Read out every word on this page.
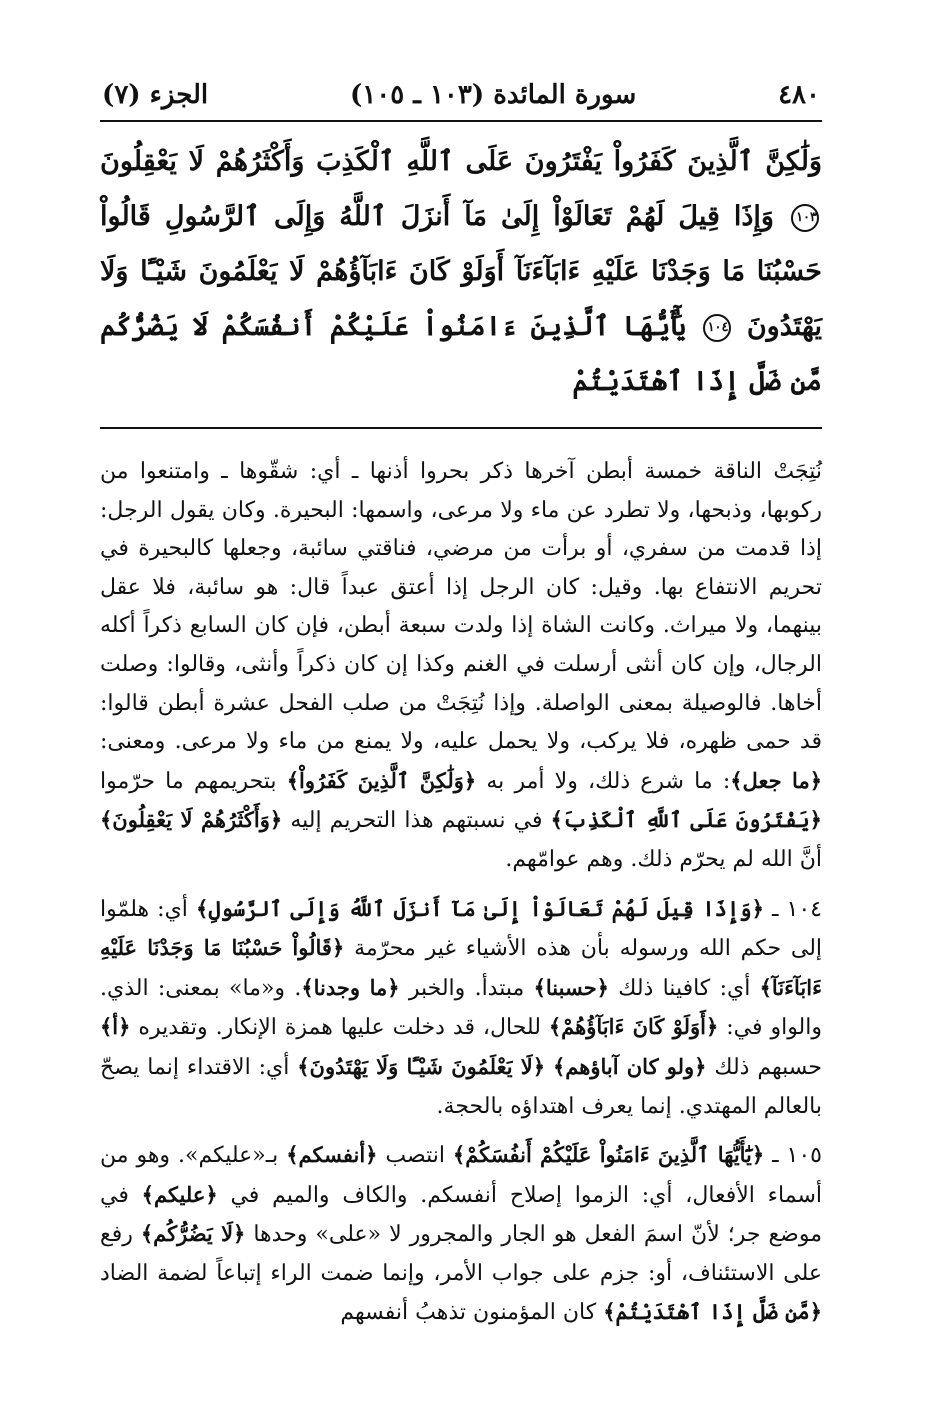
٤٨٠
سورة المائدة (١٠٣ ـ ١٠٥)
الجزء (٧)
وَلَٰكِنَّ ٱلَّذِينَ كَفَرُواْ يَفْتَرُونَ عَلَى ٱللَّهِ ٱلْكَذِبَ وَأَكْثَرُهُمْ لَا يَعْقِلُونَ ١٠٣ وَإِذَا قِيلَ لَهُمْ تَعَالَوْاْ إِلَىٰ مَآ أَنزَلَ ٱللَّهُ وَإِلَى ٱلرَّسُولِ قَالُواْ حَسْبُنَا مَا وَجَدْنَا عَلَيْهِ ءَابَآءَنَآ أَوَلَوْ كَانَ ءَابَآؤُهُمْ لَا يَعْلَمُونَ شَيْـًٔا وَلَا يَهْتَدُونَ ١٠٤ يَٰٓأَيُّهَا ٱلَّذِينَ ءَامَنُواْ عَلَيْكُمْ أَنفُسَكُمْ لَا يَضُرُّكُم مَّن ضَلَّ إِذَا ٱهْتَدَيْتُمْ

نُتِجَتْ الناقة خمسة أبطن آخرها ذكر بحروا أذنها ـ أي: شقّوها ـ وامتنعوا من ركوبها، وذبحها، ولا تطرد عن ماء ولا مرعى، واسمها: البحيرة. وكان يقول الرجل: إذا قدمت من سفري، أو برأت من مرضي، فناقتي سائبة، وجعلها كالبحيرة في تحريم الانتفاع بها. وقيل: كان الرجل إذا أعتق عبداً قال: هو سائبة، فلا عقل بينهما، ولا ميراث. وكانت الشاة إذا ولدت سبعة أبطن، فإن كان السابع ذكراً أكله الرجال، وإن كان أنثى أرسلت في الغنم وكذا إن كان ذكراً وأنثى، وقالوا: وصلت أخاها. فالوصيلة بمعنى الواصلة. وإذا نُتِجَتْ من صلب الفحل عشرة أبطن قالوا: قد حمى ظهره، فلا يركب، ولا يحمل عليه، ولا يمنع من ماء ولا مرعى. ومعنى: ﴿ما جعل﴾: ما شرع ذلك، ولا أمر به ﴿وَلَٰكِنَّ ٱلَّذِينَ كَفَرُواْ﴾ بتحريمهم ما حرّموا ﴿يَفْتَرُونَ عَلَى ٱللَّهِ ٱلْكَذِبَ﴾ في نسبتهم هذا التحريم إليه ﴿وَأَكْثَرُهُمْ لَا يَعْقِلُونَ﴾ أنَّ الله لم يحرّم ذلك. وهم عوامّهم.

١٠٤ ـ ﴿وَإِذَا قِيلَ لَهُمْ تَعَالَوْاْ إِلَىٰ مَآ أَنزَلَ ٱللَّهُ وَإِلَى ٱلرَّسُولِ﴾ أي: هلمّوا إلى حكم الله ورسوله بأن هذه الأشياء غير محرّمة ﴿قَالُواْ حَسْبُنَا مَا وَجَدْنَا عَلَيْهِ ءَابَآءَنَآ﴾ أي: كافينا ذلك ﴿حسبنا﴾ مبتدأ. والخبر ﴿ما وجدنا﴾. و«ما» بمعنى: الذي. والواو في: ﴿أَوَلَوْ كَانَ ءَابَآؤُهُمْ﴾ للحال، قد دخلت عليها همزة الإنكار. وتقديره ﴿أ﴾ حسبهم ذلك ﴿ولو كان آباؤهم﴾ ﴿لَا يَعْلَمُونَ شَيْـًٔا وَلَا يَهْتَدُونَ﴾ أي: الاقتداء إنما يصحّ بالعالم المهتدي. إنما يعرف اهتداؤه بالحجة.

١٠٥ ـ ﴿يَٰٓأَيُّهَا ٱلَّذِينَ ءَامَنُواْ عَلَيْكُمْ أَنفُسَكُمْ﴾ انتصب ﴿أنفسكم﴾ بـ«عليكم». وهو من أسماء الأفعال، أي: الزموا إصلاح أنفسكم. والكاف والميم في ﴿عليكم﴾ في موضع جر؛ لأنّ اسمَ الفعل هو الجار والمجرور لا «على» وحدها ﴿لَا يَضُرُّكُم﴾ رفع على الاستئناف، أو: جزم على جواب الأمر، وإنما ضمت الراء إتباعاً لضمة الضاد ﴿مَّن ضَلَّ إِذَا ٱهْتَدَيْتُمْ﴾ كان المؤمنون تذهبُ أنفسهم
